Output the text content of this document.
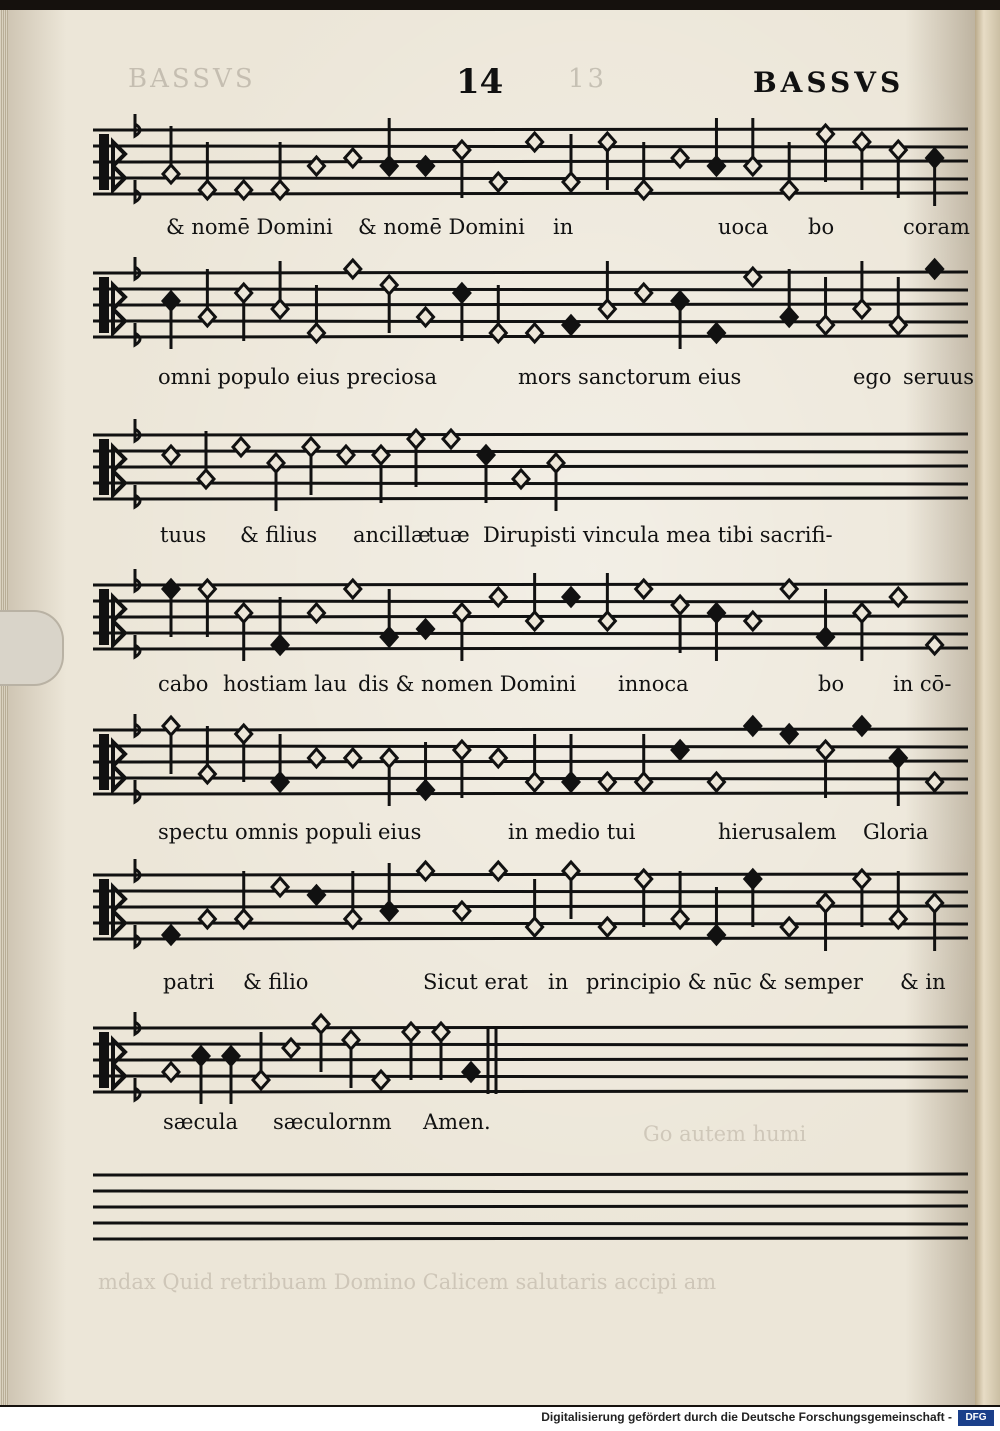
BASSVS	13
14	BASSVS
& nomē Domini & nomē Domini in	uoca bo	coram
omni populo eius preciosa	mors sanctorum eius	ego seruus
tuus & filius ancillæ
tuæ Dirupisti vincula mea tibi sacrifi-
cabo hostiam lau dis & nomen Domini innoca	bo in cō-
spectu omnis populi eius	in medio tui	hierusalem Gloria
patri & filio	Sicut erat in principio & nūc & semper & in
sæcula sæculornm Amen.	Go autem humi
mdax Quid retribuam Domino Calicem salutaris accipi am
Digitalisierung gefördert durch die Deutsche Forschungsgemeinschaft -	DFG
